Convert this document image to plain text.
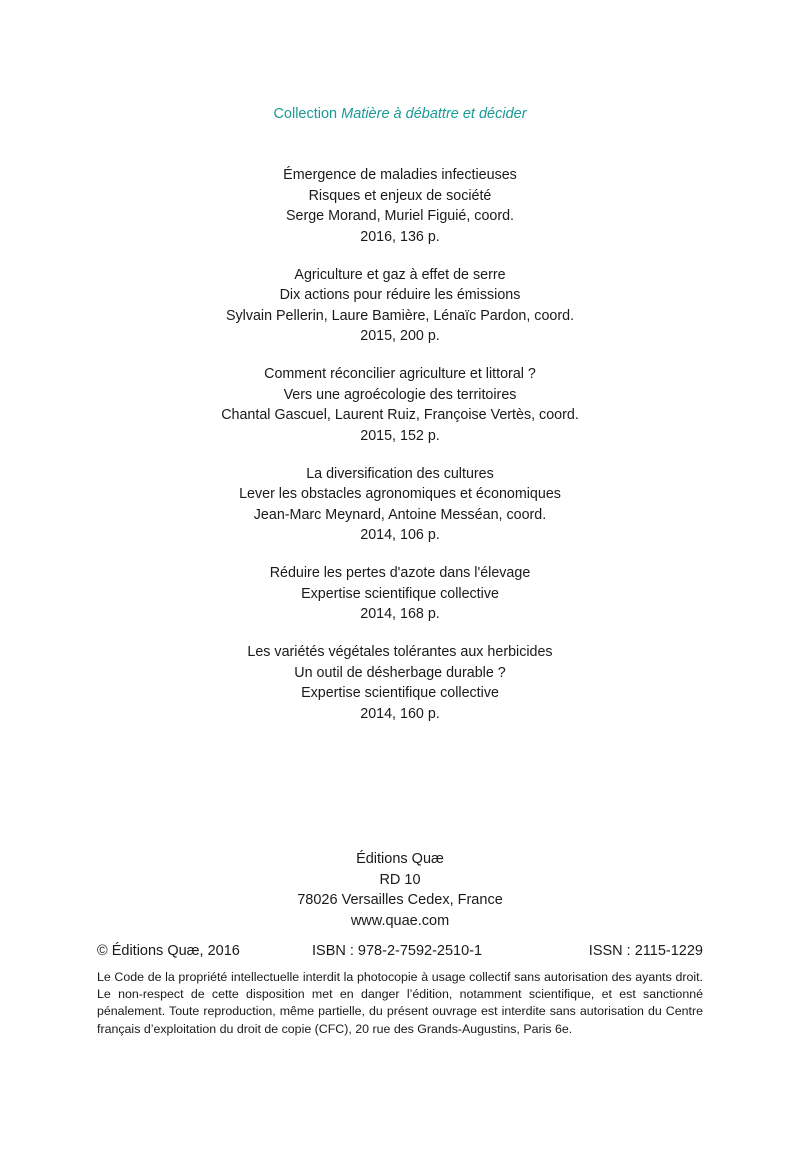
Collection Matière à débattre et décider
Émergence de maladies infectieuses
Risques et enjeux de société
Serge Morand, Muriel Figuié, coord.
2016, 136 p.
Agriculture et gaz à effet de serre
Dix actions pour réduire les émissions
Sylvain Pellerin, Laure Bamière, Lénaïc Pardon, coord.
2015, 200 p.
Comment réconcilier agriculture et littoral ?
Vers une agroécologie des territoires
Chantal Gascuel, Laurent Ruiz, Françoise Vertès, coord.
2015, 152 p.
La diversification des cultures
Lever les obstacles agronomiques et économiques
Jean-Marc Meynard, Antoine Messéan, coord.
2014, 106 p.
Réduire les pertes d'azote dans l'élevage
Expertise scientifique collective
2014, 168 p.
Les variétés végétales tolérantes aux herbicides
Un outil de désherbage durable ?
Expertise scientifique collective
2014, 160 p.
Éditions Quæ
RD 10
78026 Versailles Cedex, France
www.quae.com
© Éditions Quæ, 2016	ISBN : 978-2-7592-2510-1	ISSN : 2115-1229
Le Code de la propriété intellectuelle interdit la photocopie à usage collectif sans autorisation des ayants droit. Le non-respect de cette disposition met en danger l’édition, notamment scientifique, et est sanctionné pénalement. Toute reproduction, même partielle, du présent ouvrage est interdite sans autorisation du Centre français d’exploitation du droit de copie (CFC), 20 rue des Grands-Augustins, Paris 6e.
